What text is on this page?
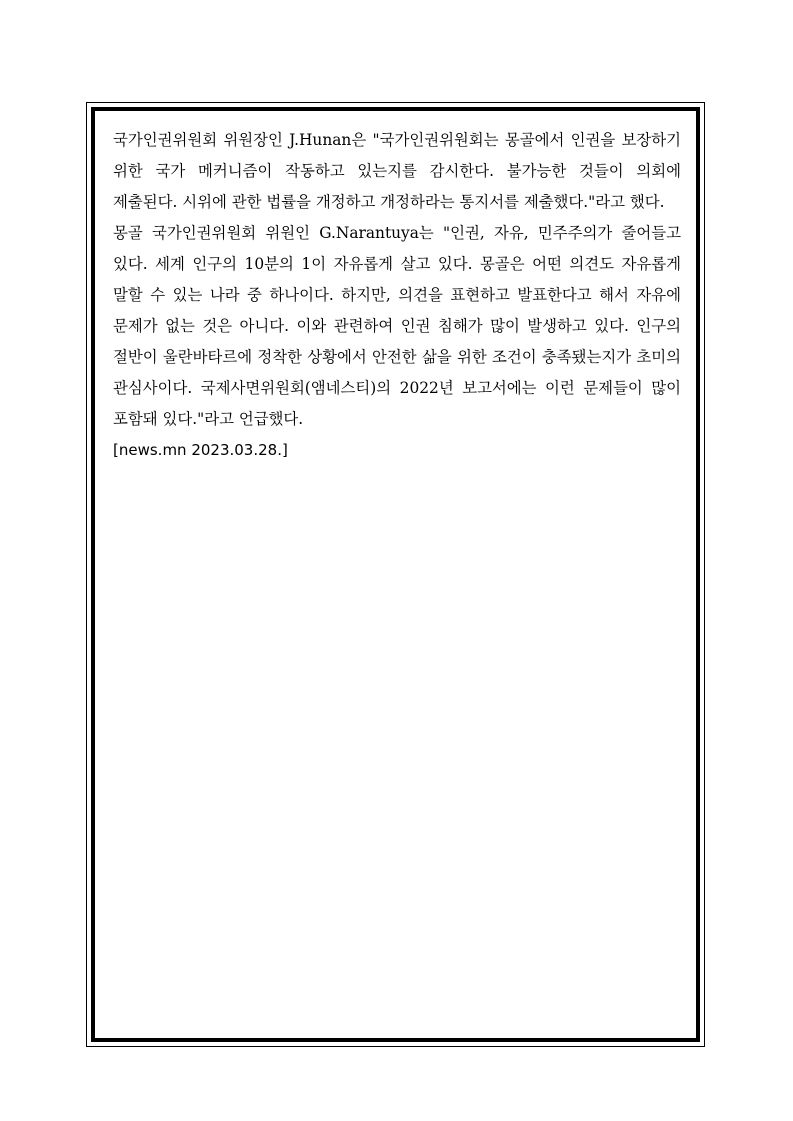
국가인권위원회 위원장인 J.Hunan은 "국가인권위원회는 몽골에서 인권을 보장하기 위한 국가 메커니즘이 작동하고 있는지를 감시한다. 불가능한 것들이 의회에 제출된다. 시위에 관한 법률을 개정하고 개정하라는 통지서를 제출했다."라고 했다.

몽골 국가인권위원회 위원인 G.Narantuya는 "인권, 자유, 민주주의가 줄어들고 있다. 세계 인구의 10분의 1이 자유롭게 살고 있다. 몽골은 어떤 의견도 자유롭게 말할 수 있는 나라 중 하나이다. 하지만, 의견을 표현하고 발표한다고 해서 자유에 문제가 없는 것은 아니다. 이와 관련하여 인권 침해가 많이 발생하고 있다. 인구의 절반이 울란바타르에 정착한 상황에서 안전한 삶을 위한 조건이 충족됐는지가 초미의 관심사이다. 국제사면위원회(앰네스티)의 2022년 보고서에는 이런 문제들이 많이 포함돼 있다."라고 언급했다.

[news.mn 2023.03.28.]
